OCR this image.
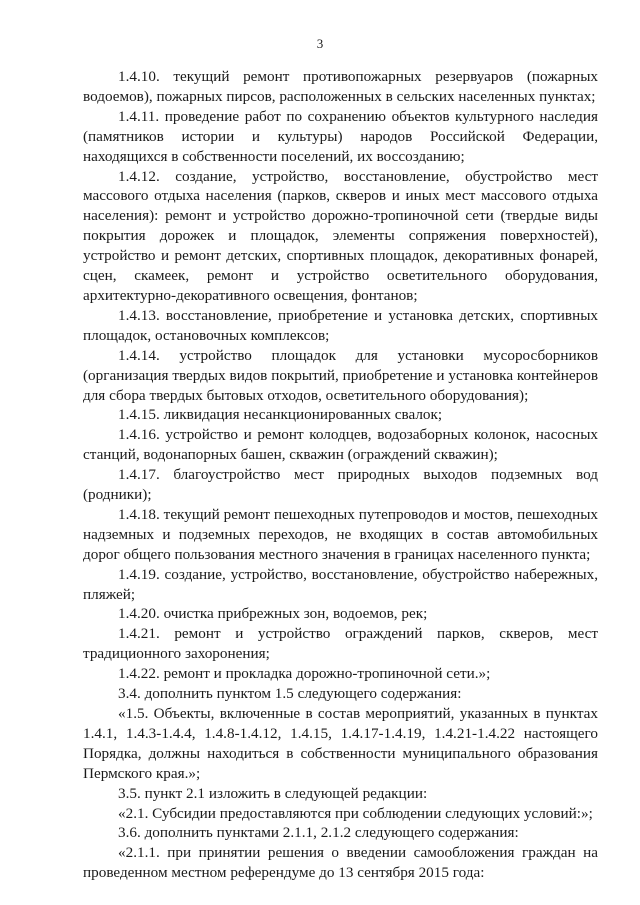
3

1.4.10. текущий ремонт противопожарных резервуаров (пожарных водоемов), пожарных пирсов, расположенных в сельских населенных пунктах;

1.4.11. проведение работ по сохранению объектов культурного наследия (памятников истории и культуры) народов Российской Федерации, находящихся в собственности поселений, их воссозданию;

1.4.12. создание, устройство, восстановление, обустройство мест массового отдыха населения (парков, скверов и иных мест массового отдыха населения): ремонт и устройство дорожно-тропиночной сети (твердые виды покрытия дорожек и площадок, элементы сопряжения поверхностей), устройство и ремонт детских, спортивных площадок, декоративных фонарей, сцен, скамеек, ремонт и устройство осветительного оборудования, архитектурно-декоративного освещения, фонтанов;

1.4.13. восстановление, приобретение и установка детских, спортивных площадок, остановочных комплексов;

1.4.14. устройство площадок для установки мусоросборников (организация твердых видов покрытий, приобретение и установка контейнеров для сбора твердых бытовых отходов, осветительного оборудования);

1.4.15. ликвидация несанкционированных свалок;

1.4.16. устройство и ремонт колодцев, водозаборных колонок, насосных станций, водонапорных башен, скважин (ограждений скважин);

1.4.17. благоустройство мест природных выходов подземных вод (родники);

1.4.18. текущий ремонт пешеходных путепроводов и мостов, пешеходных надземных и подземных переходов, не входящих в состав автомобильных дорог общего пользования местного значения в границах населенного пункта;

1.4.19. создание, устройство, восстановление, обустройство набережных, пляжей;

1.4.20. очистка прибрежных зон, водоемов, рек;

1.4.21. ремонт и устройство ограждений парков, скверов, мест традиционного захоронения;

1.4.22. ремонт и прокладка дорожно-тропиночной сети.»;

3.4. дополнить пунктом 1.5 следующего содержания:

«1.5. Объекты, включенные в состав мероприятий, указанных в пунктах 1.4.1, 1.4.3-1.4.4, 1.4.8-1.4.12, 1.4.15, 1.4.17-1.4.19, 1.4.21-1.4.22 настоящего Порядка, должны находиться в собственности муниципального образования Пермского края.»;

3.5. пункт 2.1 изложить в следующей редакции:

«2.1. Субсидии предоставляются при соблюдении следующих условий:»;

3.6. дополнить пунктами 2.1.1, 2.1.2 следующего содержания:

«2.1.1. при принятии решения о введении самообложения граждан на проведенном местном референдуме до 13 сентября 2015 года:
